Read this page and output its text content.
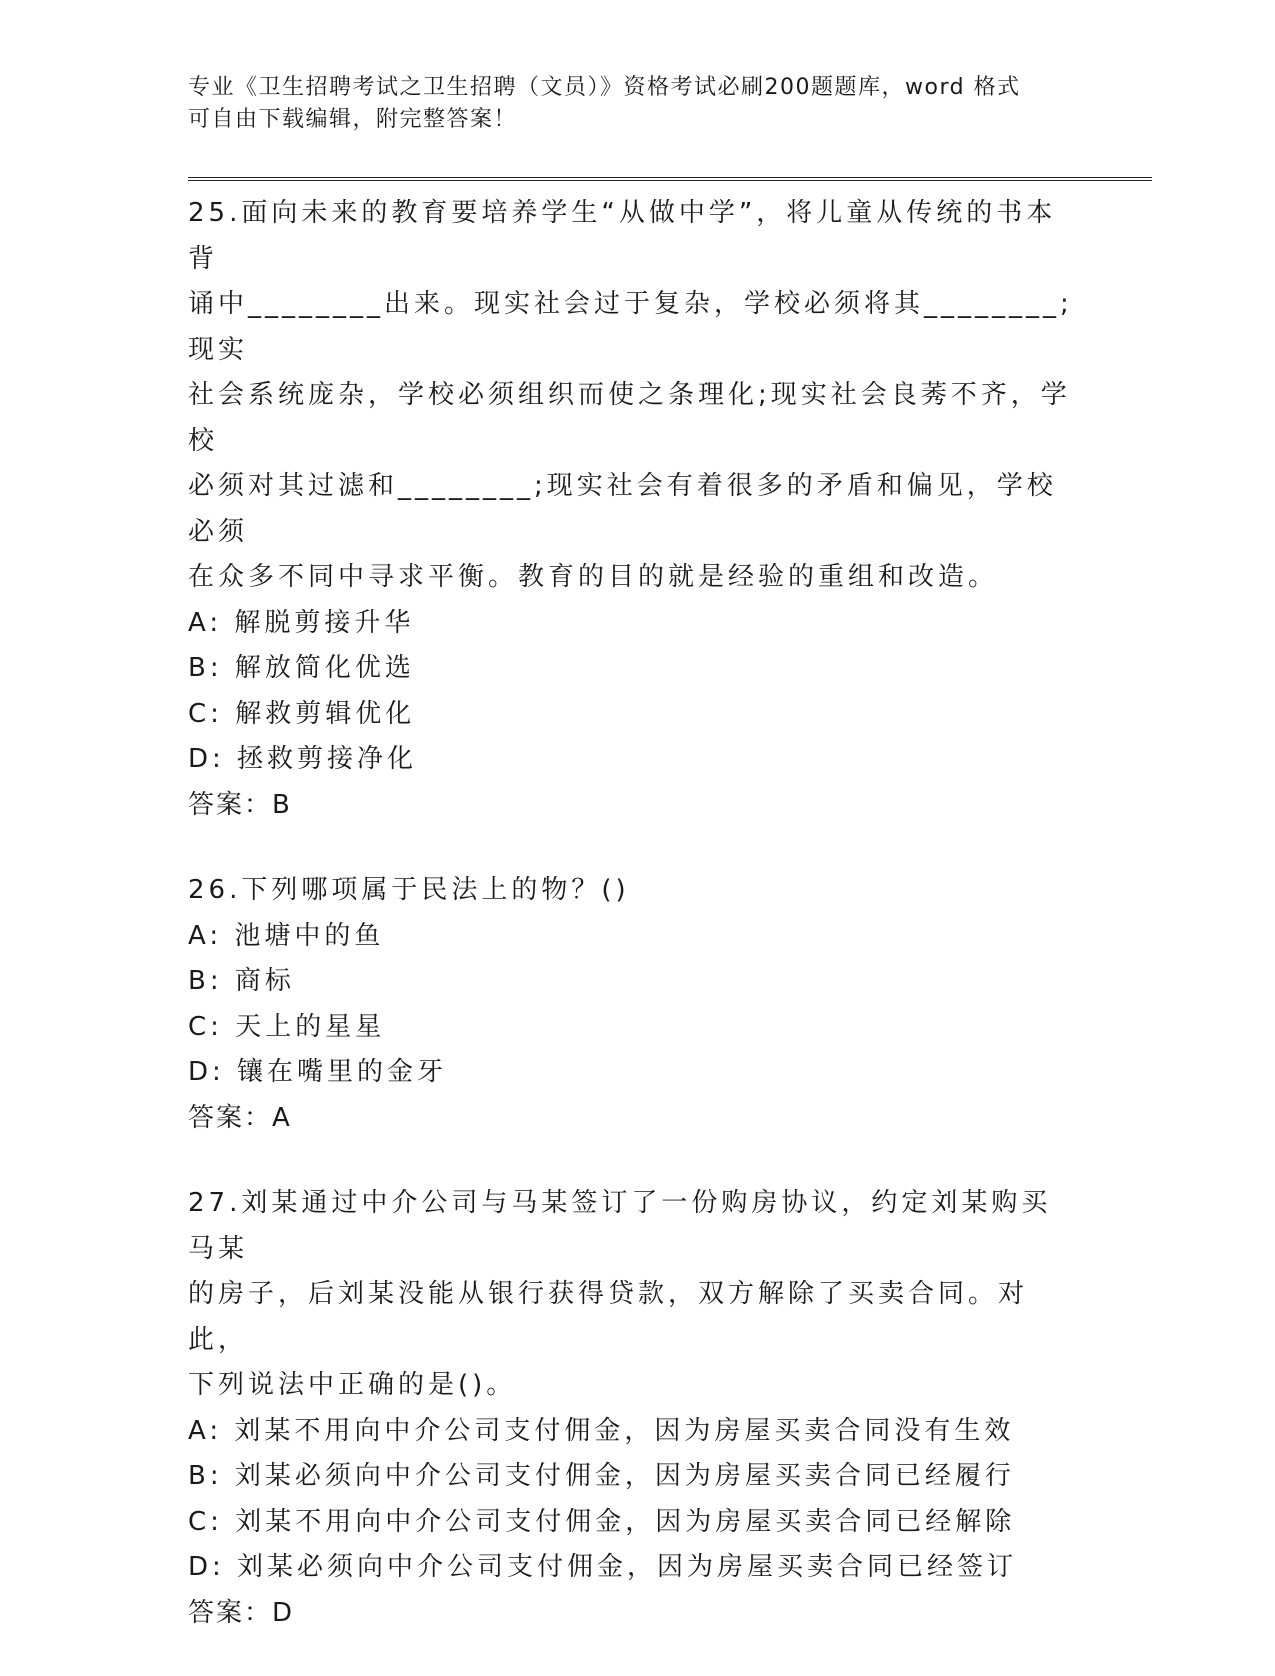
专业《卫生招聘考试之卫生招聘（文员）》资格考试必刷200题题库，word 格式
可自由下载编辑，附完整答案！

25.面向未来的教育要培养学生“从做中学”，将儿童从传统的书本背

诵中________出来。现实社会过于复杂，学校必须将其________;现实

社会系统庞杂，学校必须组织而使之条理化;现实社会良莠不齐，学校

必须对其过滤和________;现实社会有着很多的矛盾和偏见，学校必须

在众多不同中寻求平衡。教育的目的就是经验的重组和改造。

A: 解脱剪接升华

B: 解放简化优选

C: 解救剪辑优化

D: 拯救剪接净化

答案：B

26.下列哪项属于民法上的物？()

A: 池塘中的鱼

B: 商标

C: 天上的星星

D: 镶在嘴里的金牙

答案：A

27.刘某通过中介公司与马某签订了一份购房协议，约定刘某购买马某

的房子，后刘某没能从银行获得贷款，双方解除了买卖合同。对此，

下列说法中正确的是()。

A: 刘某不用向中介公司支付佣金，因为房屋买卖合同没有生效

B: 刘某必须向中介公司支付佣金，因为房屋买卖合同已经履行

C: 刘某不用向中介公司支付佣金，因为房屋买卖合同已经解除

D: 刘某必须向中介公司支付佣金，因为房屋买卖合同已经签订

答案：D
